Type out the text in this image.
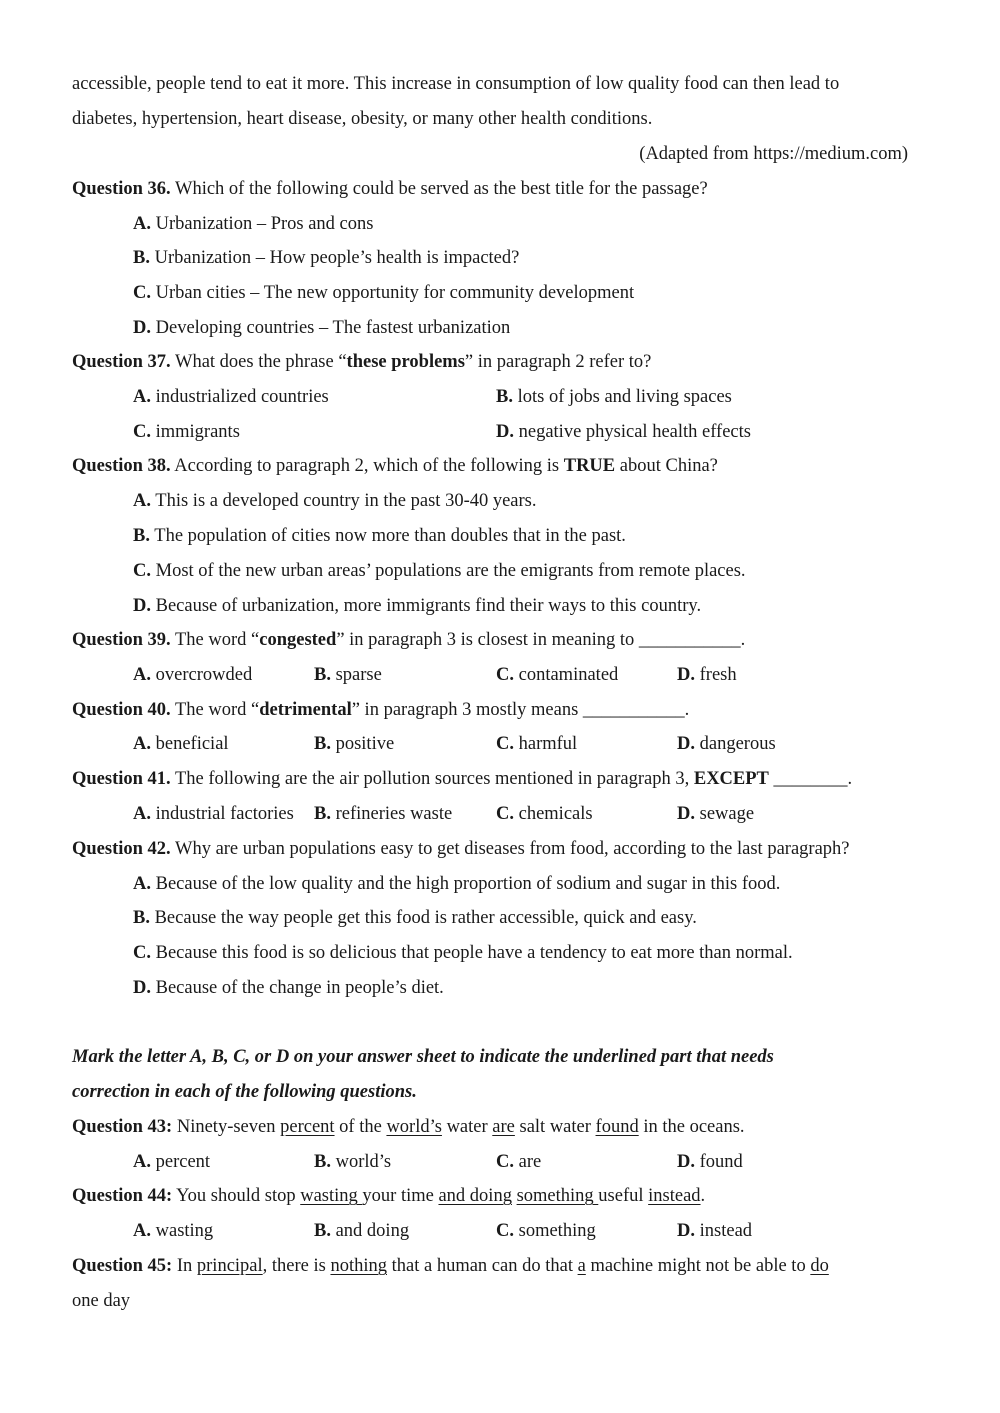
accessible, people tend to eat it more. This increase in consumption of low quality food can then lead to
diabetes, hypertension, heart disease, obesity, or many other health conditions.
(Adapted from https://medium.com)
Question 36. Which of the following could be served as the best title for the passage?
A. Urbanization – Pros and cons
B. Urbanization – How people’s health is impacted?
C. Urban cities – The new opportunity for community development
D. Developing countries – The fastest urbanization
Question 37. What does the phrase “these problems” in paragraph 2 refer to?
A. industrialized countries	B. lots of jobs and living spaces
C. immigrants	D. negative physical health effects
Question 38. According to paragraph 2, which of the following is TRUE about China?
A. This is a developed country in the past 30-40 years.
B. The population of cities now more than doubles that in the past.
C. Most of the new urban areas’ populations are the emigrants from remote places.
D. Because of urbanization, more immigrants find their ways to this country.
Question 39. The word “congested” in paragraph 3 is closest in meaning to ___________.
A. overcrowded	B. sparse	C. contaminated	D. fresh
Question 40. The word “detrimental” in paragraph 3 mostly means ___________.
A. beneficial	B. positive	C. harmful	D. dangerous
Question 41. The following are the air pollution sources mentioned in paragraph 3, EXCEPT ________.
A. industrial factories B. refineries waste C. chemicals	D. sewage
Question 42. Why are urban populations easy to get diseases from food, according to the last paragraph?
A. Because of the low quality and the high proportion of sodium and sugar in this food.
B. Because the way people get this food is rather accessible, quick and easy.
C. Because this food is so delicious that people have a tendency to eat more than normal.
D. Because of the change in people’s diet.
Mark the letter A, B, C, or D on your answer sheet to indicate the underlined part that needs
correction in each of the following questions.
Question 43: Ninety-seven percent of the world’s water are salt water found in the oceans.
A. percent	B. world’s	C. are	D. found
Question 44: You should stop wasting your time and doing something useful instead.
A. wasting	B. and doing	C. something	D. instead
Question 45: In principal, there is nothing that a human can do that a machine might not be able to do
one day
